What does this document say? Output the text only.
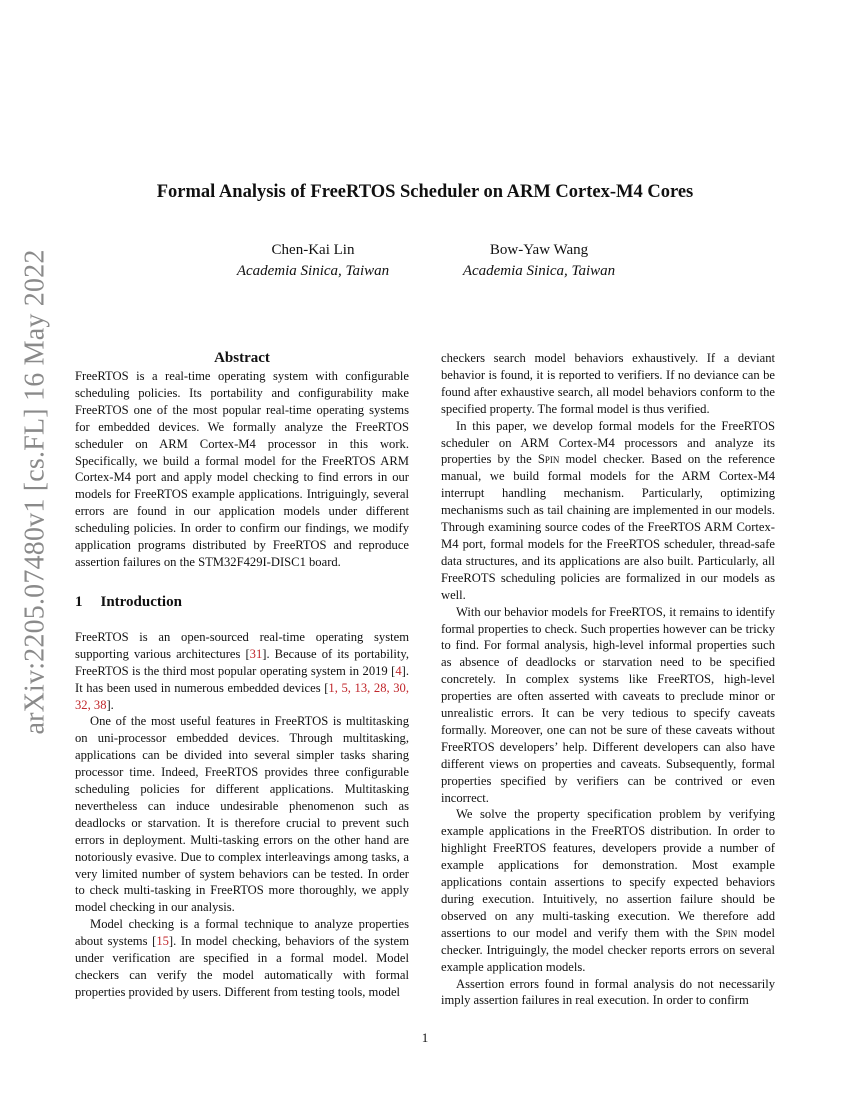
arXiv:2205.07480v1 [cs.FL] 16 May 2022
Formal Analysis of FreeRTOS Scheduler on ARM Cortex-M4 Cores
Chen-Kai Lin
Academia Sinica, Taiwan
Bow-Yaw Wang
Academia Sinica, Taiwan
Abstract

FreeRTOS is a real-time operating system with configurable scheduling policies. Its portability and configurability make FreeRTOS one of the most popular real-time operating systems for embedded devices. We formally analyze the FreeRTOS scheduler on ARM Cortex-M4 processor in this work. Specifically, we build a formal model for the FreeRTOS ARM Cortex-M4 port and apply model checking to find errors in our models for FreeRTOS example applications. Intriguingly, several errors are found in our application models under different scheduling policies. In order to confirm our findings, we modify application programs distributed by FreeRTOS and reproduce assertion failures on the STM32F429I-DISC1 board.

1 Introduction

FreeRTOS is an open-sourced real-time operating system supporting various architectures [31]. Because of its portability, FreeRTOS is the third most popular operating system in 2019 [4]. It has been used in numerous embedded devices [1, 5, 13, 28, 30, 32, 38].

One of the most useful features in FreeRTOS is multitasking on uni-processor embedded devices. Through multitasking, applications can be divided into several simpler tasks sharing processor time. Indeed, FreeRTOS provides three configurable scheduling policies for different applications. Multitasking nevertheless can induce undesirable phenomenon such as deadlocks or starvation. It is therefore crucial to prevent such errors in deployment. Multi-tasking errors on the other hand are notoriously evasive. Due to complex interleavings among tasks, a very limited number of system behaviors can be tested. In order to check multi-tasking in FreeRTOS more thoroughly, we apply model checking in our analysis.

Model checking is a formal technique to analyze properties about systems [15]. In model checking, behaviors of the system under verification are specified in a formal model. Model checkers can verify the model automatically with formal properties provided by users. Different from testing tools, model

checkers search model behaviors exhaustively. If a deviant behavior is found, it is reported to verifiers. If no deviance can be found after exhaustive search, all model behaviors conform to the specified property. The formal model is thus verified.

In this paper, we develop formal models for the FreeRTOS scheduler on ARM Cortex-M4 processors and analyze its properties by the Spin model checker. Based on the reference manual, we build formal models for the ARM Cortex-M4 interrupt handling mechanism. Particularly, optimizing mechanisms such as tail chaining are implemented in our models. Through examining source codes of the FreeRTOS ARM Cortex-M4 port, formal models for the FreeRTOS scheduler, thread-safe data structures, and its applications are also built. Particularly, all FreeROTS scheduling policies are formalized in our models as well.

With our behavior models for FreeRTOS, it remains to identify formal properties to check. Such properties however can be tricky to find. For formal analysis, high-level informal properties such as absence of deadlocks or starvation need to be specified concretely. In complex systems like FreeRTOS, high-level properties are often asserted with caveats to preclude minor or unrealistic errors. It can be very tedious to specify caveats formally. Moreover, one can not be sure of these caveats without FreeRTOS developers’ help. Different developers can also have different views on properties and caveats. Subsequently, formal properties specified by verifiers can be contrived or even incorrect.

We solve the property specification problem by verifying example applications in the FreeRTOS distribution. In order to highlight FreeRTOS features, developers provide a number of example applications for demonstration. Most example applications contain assertions to specify expected behaviors during execution. Intuitively, no assertion failure should be observed on any multi-tasking execution. We therefore add assertions to our model and verify them with the Spin model checker. Intriguingly, the model checker reports errors on several example application models.

Assertion errors found in formal analysis do not necessarily imply assertion failures in real execution. In order to confirm

1
